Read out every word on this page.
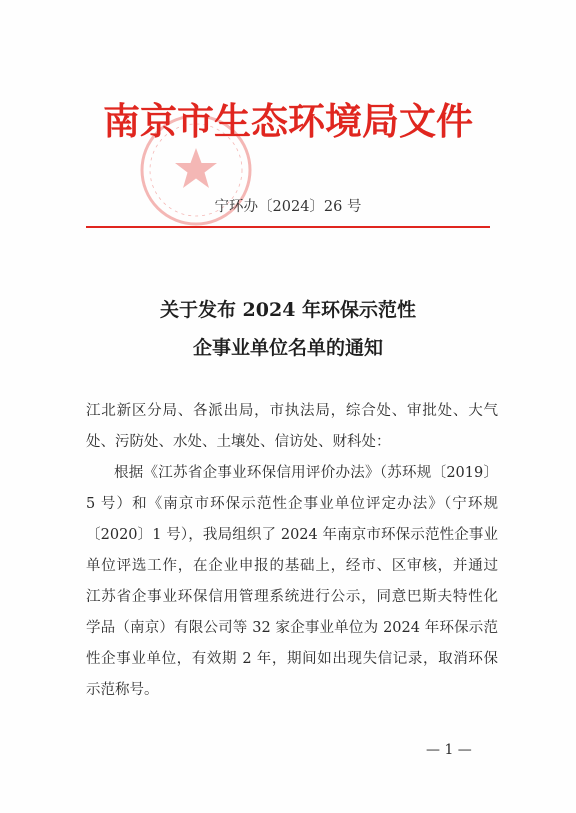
南京市生态环境局文件
宁环办〔2024〕26 号
关于发布 2024 年环保示范性
企事业单位名单的通知
江北新区分局、各派出局，市执法局，综合处、审批处、大气
处、污防处、水处、土壤处、信访处、财科处：
根据《江苏省企事业环保信用评价办法》（苏环规〔2019〕
5 号）和《南京市环保示范性企事业单位评定办法》（宁环规
〔2020〕1 号），我局组织了 2024 年南京市环保示范性企事业
单位评选工作，在企业申报的基础上，经市、区审核，并通过
江苏省企事业环保信用管理系统进行公示，同意巴斯夫特性化
学品（南京）有限公司等 32 家企事业单位为 2024 年环保示范
性企事业单位，有效期 2 年，期间如出现失信记录，取消环保
示范称号。
— 1 —
